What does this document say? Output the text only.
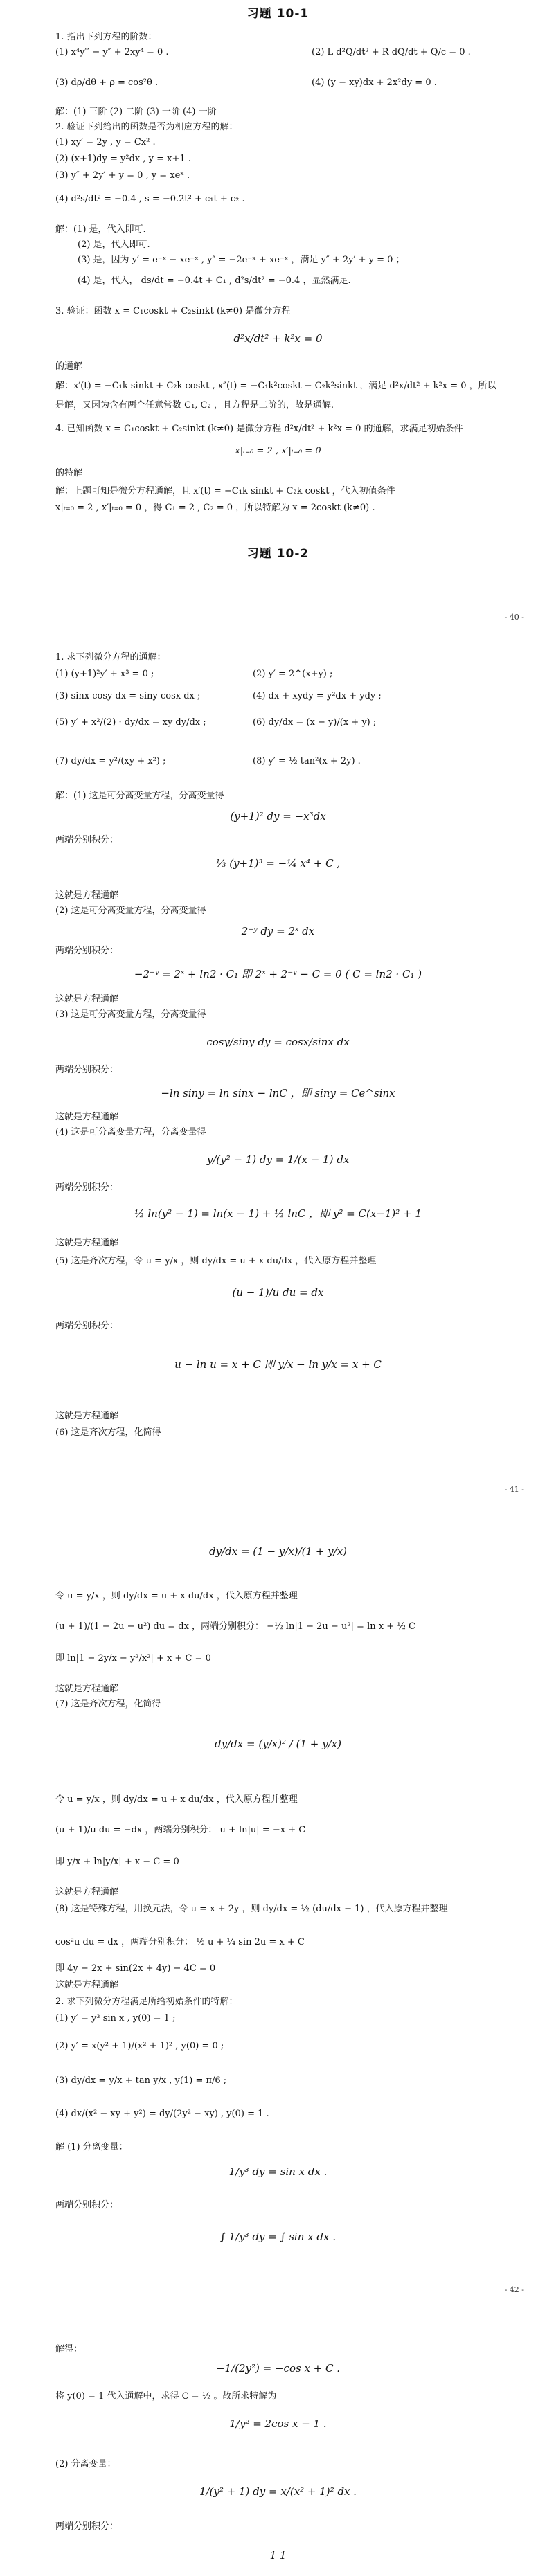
习题 10-1
1. 指出下列方程的阶数：
(1) x⁴y‴ − y″ + 2xy⁴ = 0 .	(2) L d²Q/dt² + R dQ/dt + Q/c = 0 .
(3) dρ/dθ + ρ = cos²θ .	(4) (y − xy)dx + 2x²dy = 0 .
解：(1) 三阶 (2) 二阶 (3) 一阶 (4) 一阶
2. 验证下列给出的函数是否为相应方程的解：
(1) xy′ = 2y , y = Cx² .
(2) (x+1)dy = y²dx , y = x+1 .
(3) y″ + 2y′ + y = 0 , y = xeˣ .
(4) d²s/dt² = −0.4 , s = −0.2t² + c₁t + c₂ .
解：(1) 是，代入即可.
(2) 是，代入即可.
(3) 是，因为 y′ = e⁻ˣ − xe⁻ˣ , y″ = −2e⁻ˣ + xe⁻ˣ ，满足 y″ + 2y′ + y = 0 ；
(4) 是，代入， ds/dt = −0.4t + C₁ , d²s/dt² = −0.4 ，显然满足.
3. 验证：函数 x = C₁coskt + C₂sinkt (k≠0) 是微分方程
d²x/dt² + k²x = 0
的通解
解：x′(t) = −C₁k sinkt + C₂k coskt , x″(t) = −C₁k²coskt − C₂k²sinkt ，满足 d²x/dt² + k²x = 0 ，所以
是解，又因为含有两个任意常数 C₁, C₂ ，且方程是二阶的，故是通解.
4. 已知函数 x = C₁coskt + C₂sinkt (k≠0) 是微分方程 d²x/dt² + k²x = 0 的通解，求满足初始条件
x|ₜ₌₀ = 2 , x′|ₜ₌₀ = 0
的特解
解：上题可知是微分方程通解，且 x′(t) = −C₁k sinkt + C₂k coskt ，代入初值条件
x|ₜ₌₀ = 2 , x′|ₜ₌₀ = 0 ，得 C₁ = 2 , C₂ = 0 ，所以特解为 x = 2coskt (k≠0) .
习题 10-2
- 40 -
1. 求下列微分方程的通解：
(1) (y+1)²y′ + x³ = 0 ;	(2) y′ = 2^(x+y) ;
(3) sinx cosy dx = siny cosx dx ;	(4) dx + xydy = y²dx + ydy ;
(5) y′ + x²/(2) · dy/dx = xy dy/dx ;	(6) dy/dx = (x − y)/(x + y) ;
(7) dy/dx = y²/(xy + x²) ;	(8) y′ = ½ tan²(x + 2y) .
解：(1) 这是可分离变量方程，分离变量得
(y+1)² dy = −x³dx
两端分别积分：
⅓ (y+1)³ = −¼ x⁴ + C ,
这就是方程通解
(2) 这是可分离变量方程，分离变量得
2⁻ʸ dy = 2ˣ dx
两端分别积分：
−2⁻ʸ = 2ˣ + ln2 · C₁ 即 2ˣ + 2⁻ʸ − C = 0 ( C = ln2 · C₁ )
这就是方程通解
(3) 这是可分离变量方程，分离变量得
cosy/siny dy = cosx/sinx dx
两端分别积分：
−ln siny = ln sinx − lnC ，即 siny = Ce^sinx
这就是方程通解
(4) 这是可分离变量方程，分离变量得
y/(y² − 1) dy = 1/(x − 1) dx
两端分别积分：
½ ln(y² − 1) = ln(x − 1) + ½ lnC ，即 y² = C(x−1)² + 1
这就是方程通解
(5) 这是齐次方程，令 u = y/x ，则 dy/dx = u + x du/dx ，代入原方程并整理
(u − 1)/u du = dx
两端分别积分：
u − ln u = x + C 即 y/x − ln y/x = x + C
这就是方程通解
(6) 这是齐次方程，化简得
- 41 -
dy/dx = (1 − y/x)/(1 + y/x)
令 u = y/x ，则 dy/dx = u + x du/dx ，代入原方程并整理
(u + 1)/(1 − 2u − u²) du = dx ，两端分别积分： −½ ln|1 − 2u − u²| = ln x + ½ C
即 ln|1 − 2y/x − y²/x²| + x + C = 0
这就是方程通解
(7) 这是齐次方程，化简得
dy/dx = (y/x)² / (1 + y/x)
令 u = y/x ，则 dy/dx = u + x du/dx ，代入原方程并整理
(u + 1)/u du = −dx ，两端分别积分： u + ln|u| = −x + C
即 y/x + ln|y/x| + x − C = 0
这就是方程通解
(8) 这是特殊方程，用换元法，令 u = x + 2y ，则 dy/dx = ½ (du/dx − 1) ，代入原方程并整理
cos²u du = dx ，两端分别积分： ½ u + ¼ sin 2u = x + C
即 4y − 2x + sin(2x + 4y) − 4C = 0
这就是方程通解
2. 求下列微分方程满足所给初始条件的特解：
(1) y′ = y³ sin x , y(0) = 1 ;
(2) y′ = x(y² + 1)/(x² + 1)² , y(0) = 0 ;
(3) dy/dx = y/x + tan y/x , y(1) = π/6 ;
(4) dx/(x² − xy + y²) = dy/(2y² − xy) , y(0) = 1 .
解 (1) 分离变量：
1/y³ dy = sin x dx .
两端分别积分：
∫ 1/y³ dy = ∫ sin x dx .
- 42 -
解得：
−1/(2y²) = −cos x + C .
将 y(0) = 1 代入通解中，求得 C = ½ 。故所求特解为
1/y² = 2cos x − 1 .
(2) 分离变量：
1/(y² + 1) dy = x/(x² + 1)² dx .
两端分别积分：
1 1
